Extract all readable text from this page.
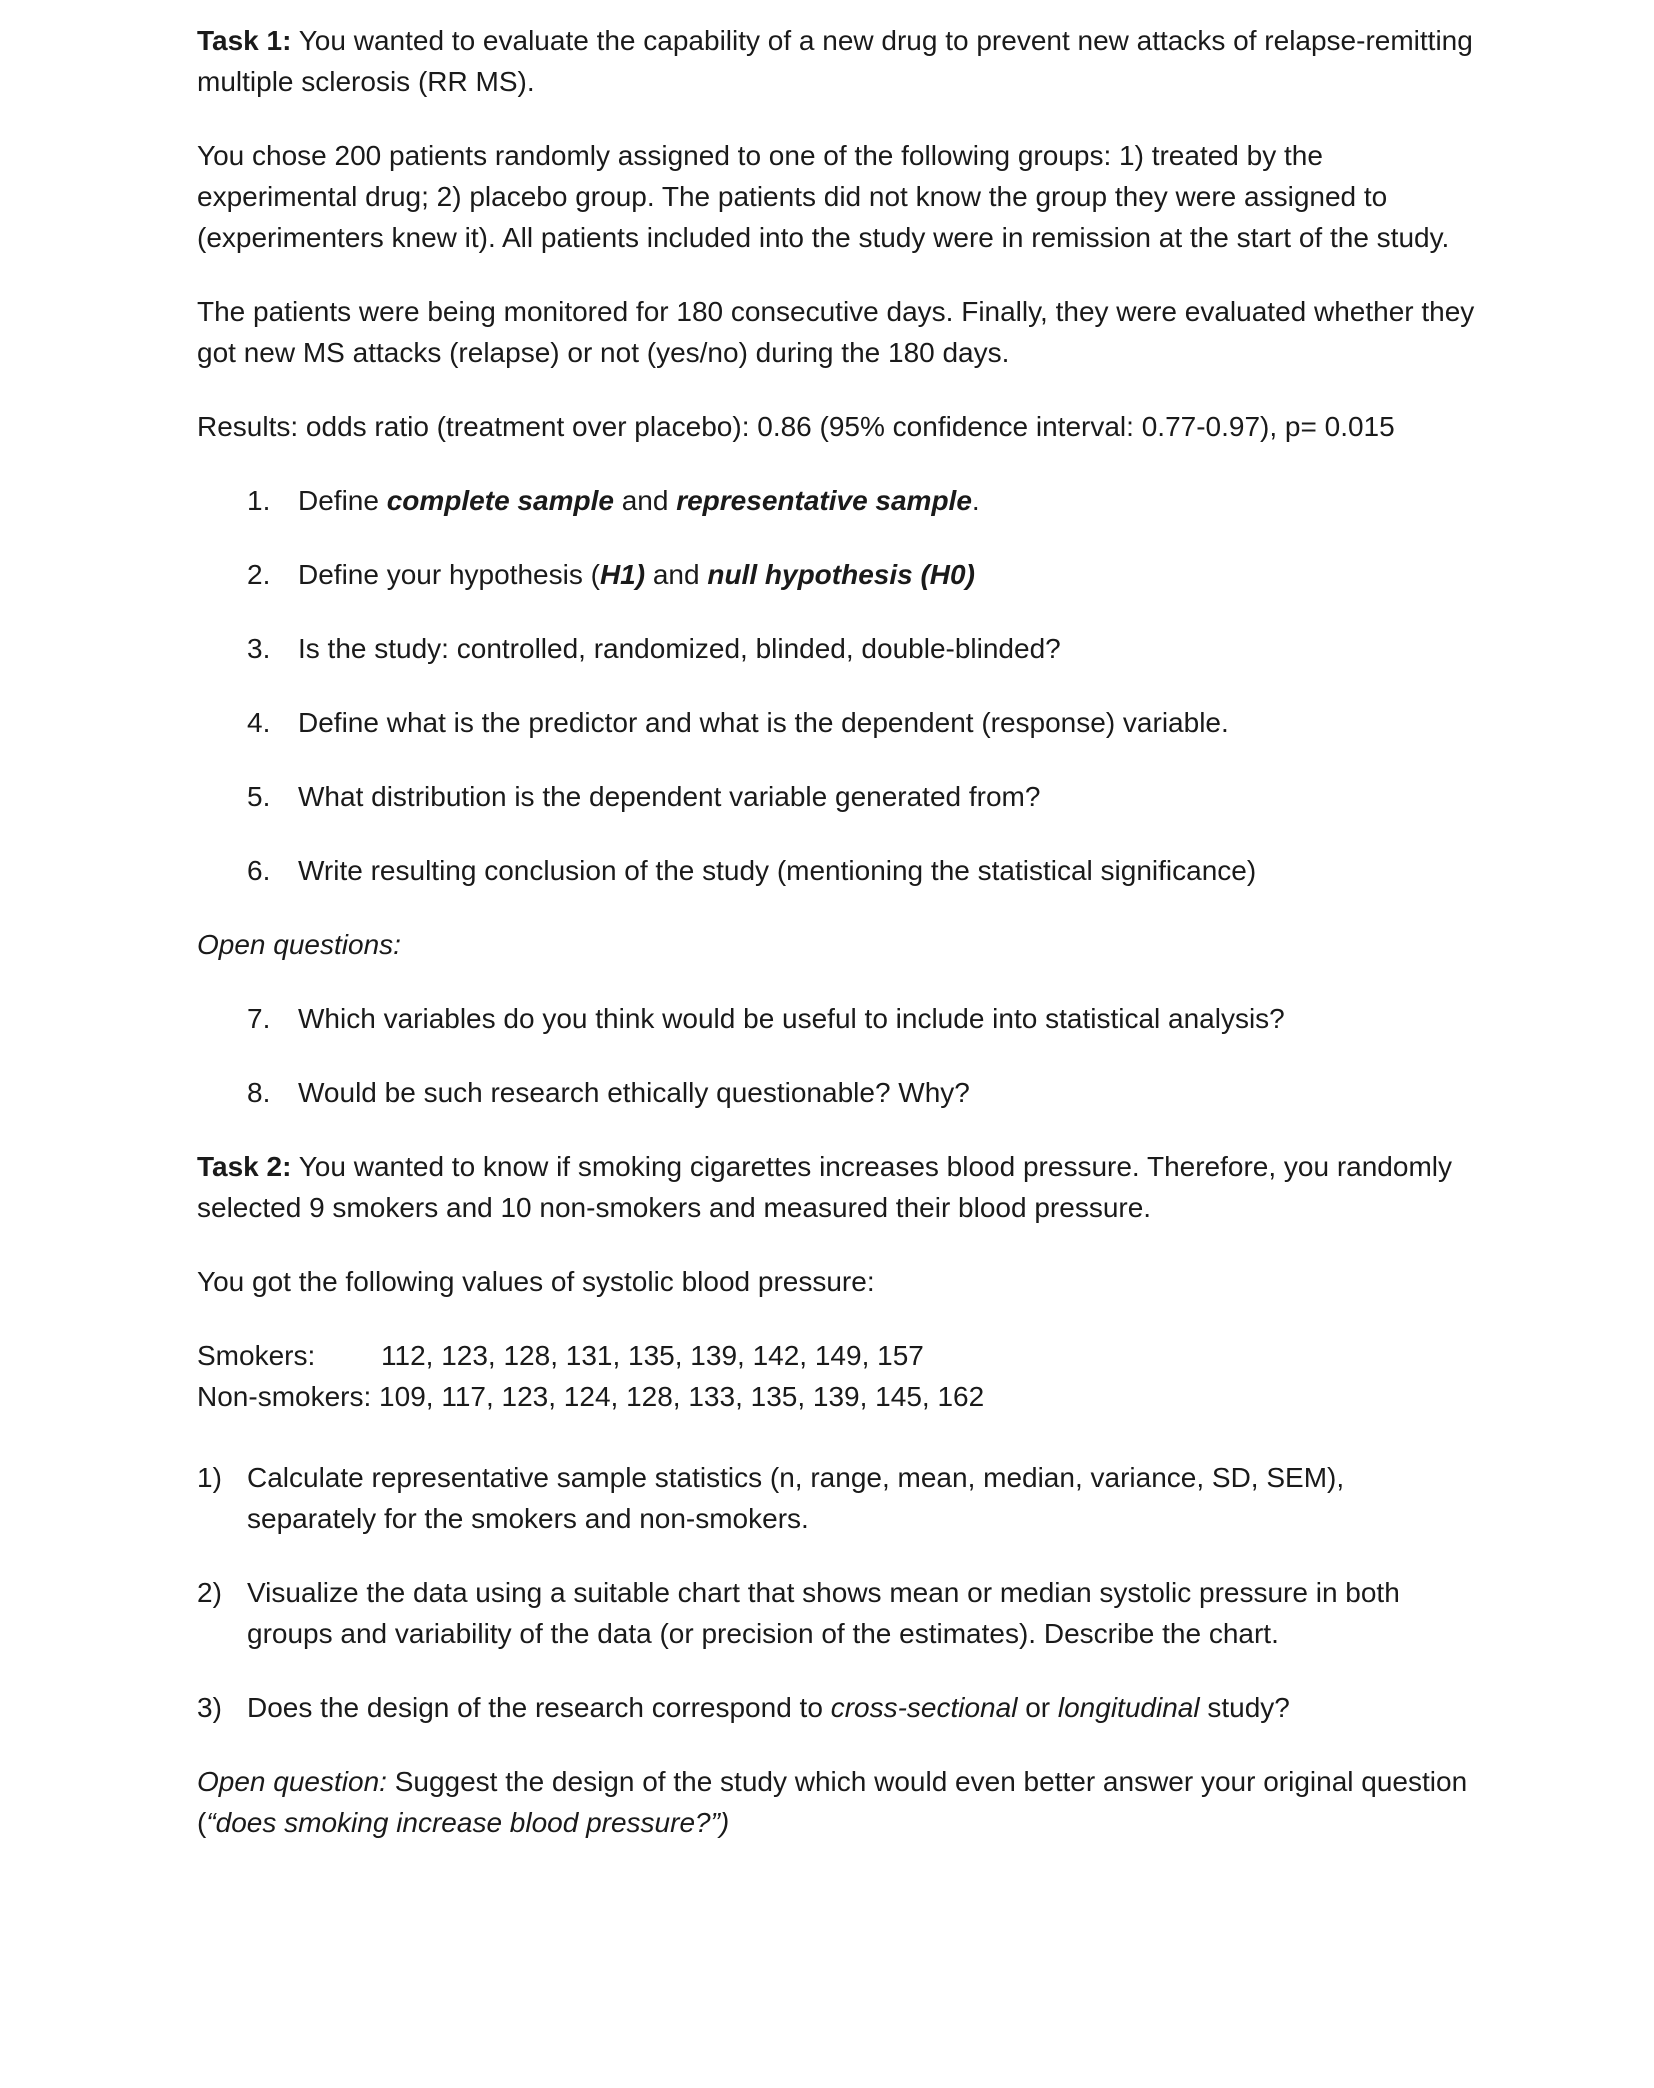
Task 1: You wanted to evaluate the capability of a new drug to prevent new attacks of relapse-remitting multiple sclerosis (RR MS).

You chose 200 patients randomly assigned to one of the following groups: 1) treated by the experimental drug; 2) placebo group. The patients did not know the group they were assigned to (experimenters knew it). All patients included into the study were in remission at the start of the study.

The patients were being monitored for 180 consecutive days. Finally, they were evaluated whether they got new MS attacks (relapse) or not (yes/no) during the 180 days.

Results: odds ratio (treatment over placebo): 0.86 (95% confidence interval: 0.77-0.97), p= 0.015

1. Define complete sample and representative sample.
2. Define your hypothesis (H1) and null hypothesis (H0)
3. Is the study: controlled, randomized, blinded, double-blinded?
4. Define what is the predictor and what is the dependent (response) variable.
5. What distribution is the dependent variable generated from?
6. Write resulting conclusion of the study (mentioning the statistical significance)

Open questions:

7. Which variables do you think would be useful to include into statistical analysis?
8. Would be such research ethically questionable? Why?

Task 2: You wanted to know if smoking cigarettes increases blood pressure. Therefore, you randomly selected 9 smokers and 10 non-smokers and measured their blood pressure.

You got the following values of systolic blood pressure:

Smokers:	112, 123, 128, 131, 135, 139, 142, 149, 157
Non-smokers:
109, 117, 123, 124, 128, 133, 135, 139, 145, 162
1) Calculate representative sample statistics (n, range, mean, median, variance, SD, SEM), separately for the smokers and non-smokers.
2) Visualize the data using a suitable chart that shows mean or median systolic pressure in both groups and variability of the data (or precision of the estimates). Describe the chart.
3) Does the design of the research correspond to cross-sectional or longitudinal study?

Open question: Suggest the design of the study which would even better answer your original question (“does smoking increase blood pressure?”)
